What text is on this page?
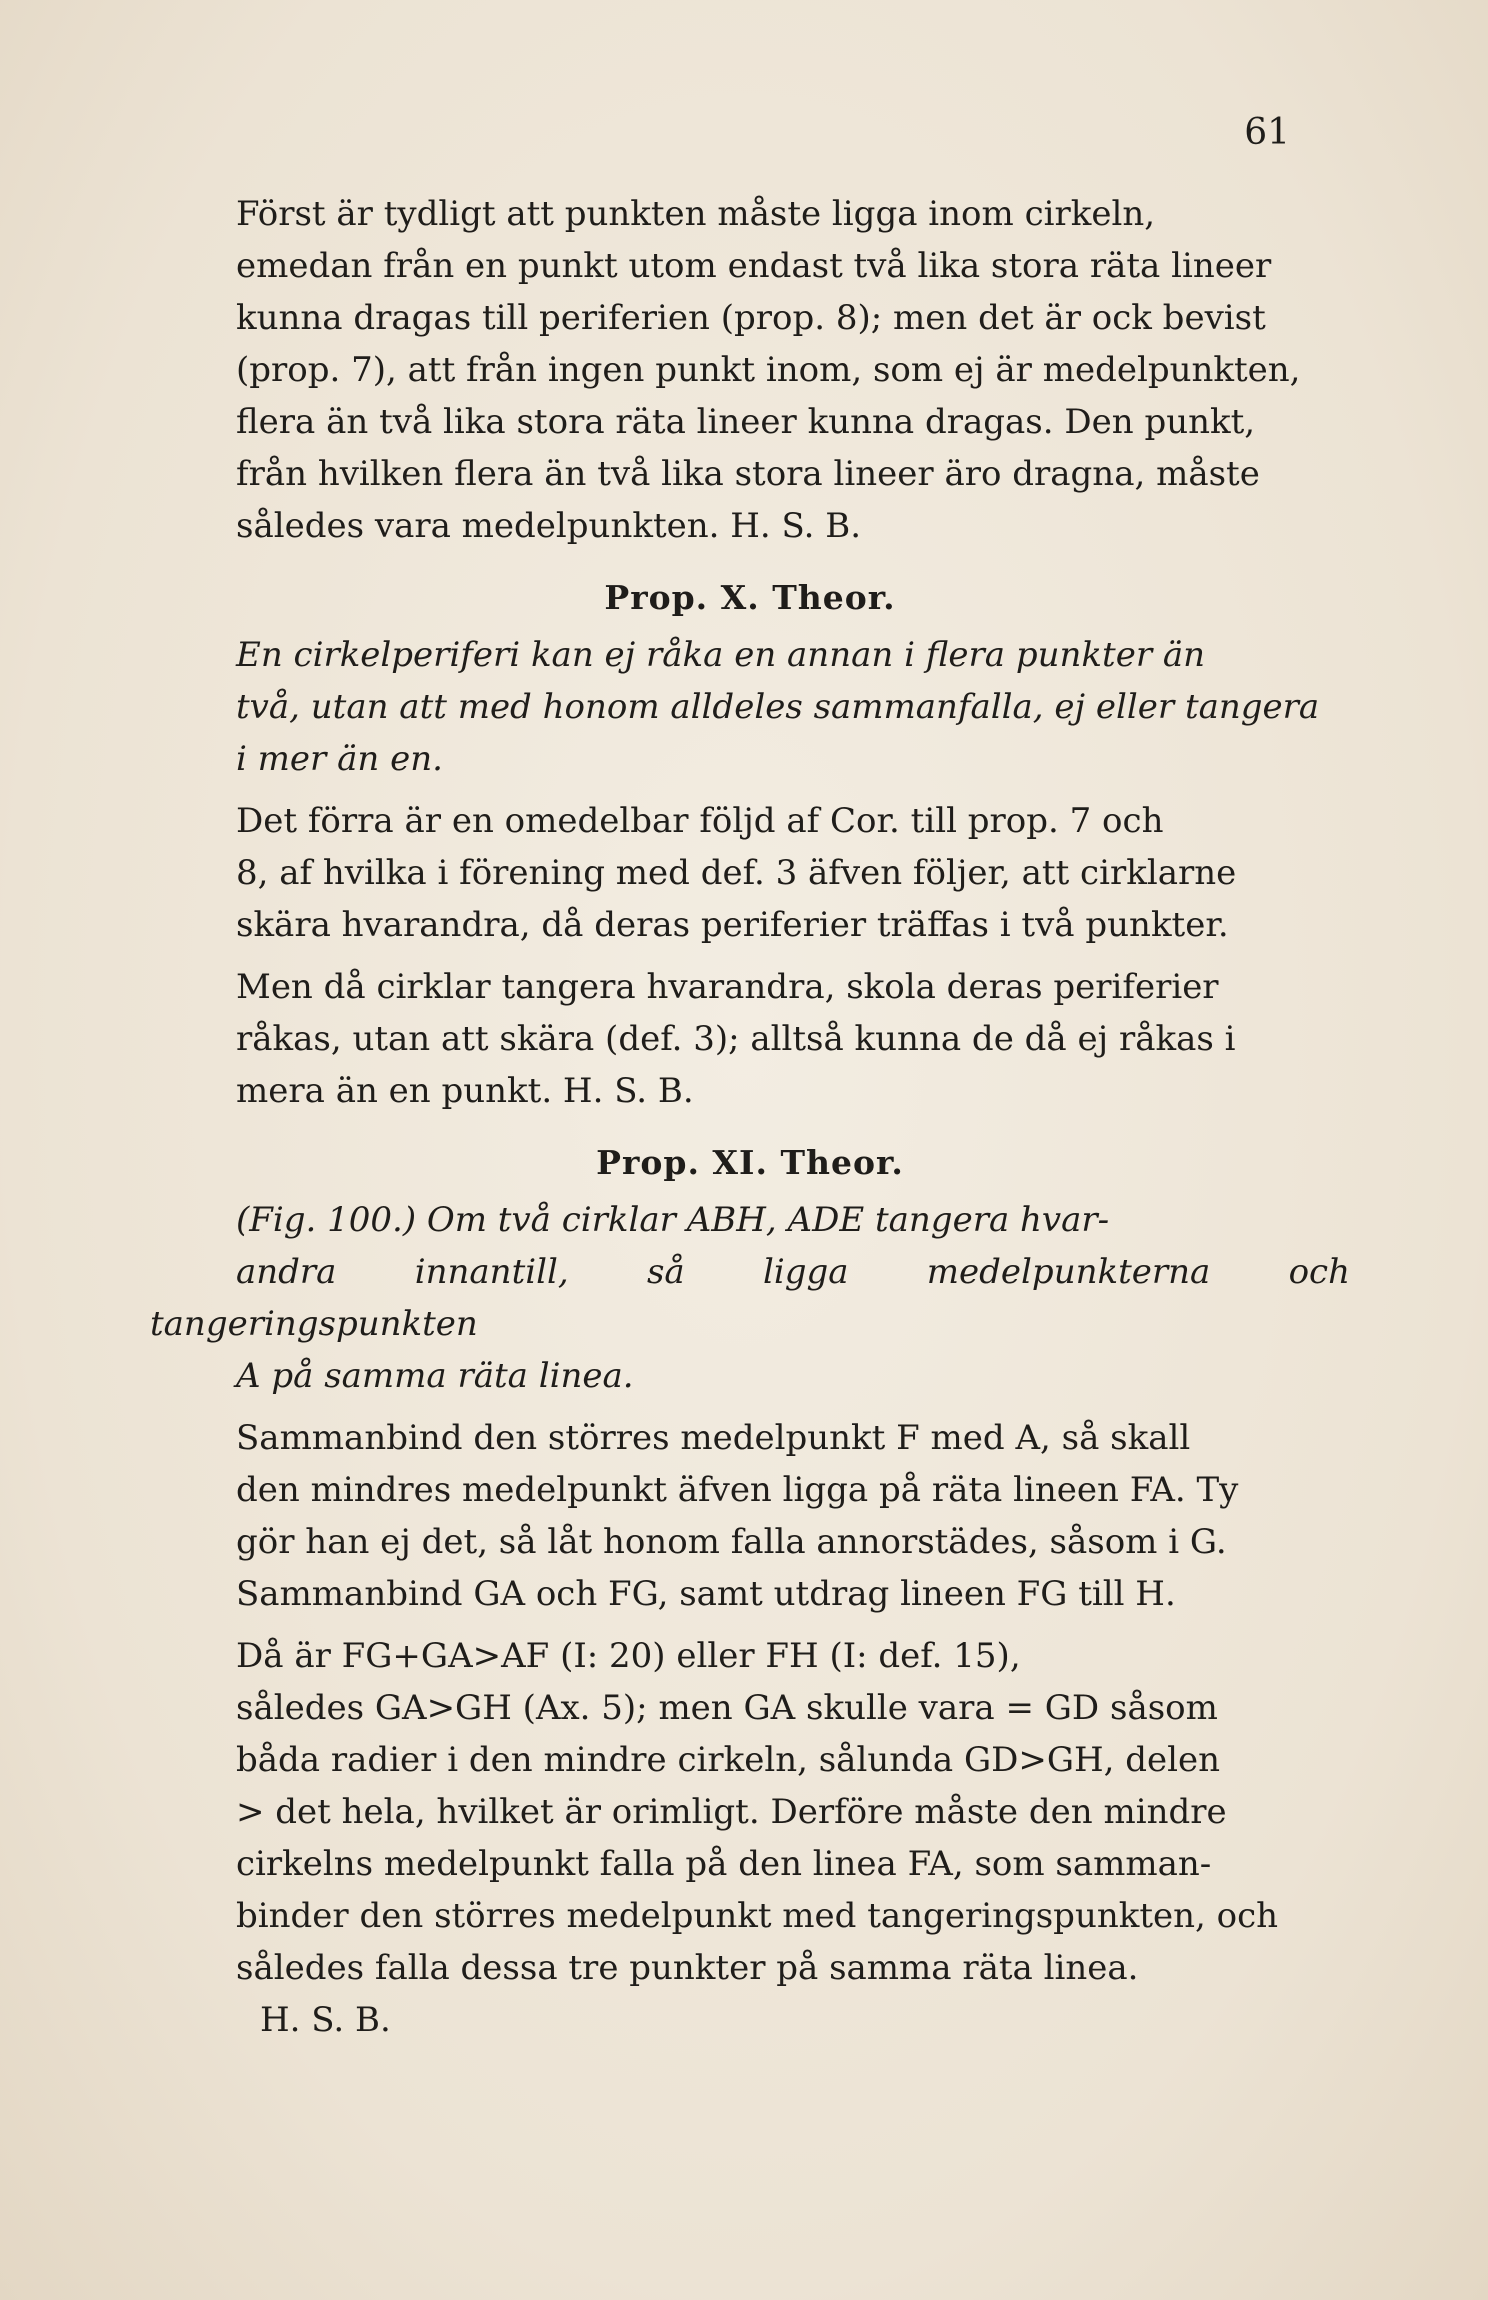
61

Först är tydligt att punkten måste ligga inom cirkeln,
emedan från en punkt utom endast två lika stora räta lineer
kunna dragas till periferien (prop. 8); men det är ock bevist
(prop. 7), att från ingen punkt inom, som ej är medelpunkten,
flera än två lika stora räta lineer kunna dragas. Den punkt,
från hvilken flera än två lika stora lineer äro dragna, måste
således vara medelpunkten. H. S. B.

Prop. X. Theor.

En cirkelperiferi kan ej råka en annan i flera punkter än
två, utan att med honom alldeles sammanfalla, ej eller tangera
i mer än en.

Det förra är en omedelbar följd af Cor. till prop. 7 och
8, af hvilka i förening med def. 3 äfven följer, att cirklarne
skära hvarandra, då deras periferier träffas i två punkter.

Men då cirklar tangera hvarandra, skola deras periferier
råkas, utan att skära (def. 3); alltså kunna de då ej råkas i
mera än en punkt. H. S. B.

Prop. XI. Theor.

(Fig. 100.) Om två cirklar ABH, ADE tangera hvar-
andra innantill, så ligga medelpunkterna och tangeringspunkten
A på samma räta linea.

Sammanbind den störres medelpunkt F med A, så skall
den mindres medelpunkt äfven ligga på räta lineen FA. Ty
gör han ej det, så låt honom falla annorstädes, såsom i G.
Sammanbind GA och FG, samt utdrag lineen FG till H.

Då är FG+GA>AF (I: 20) eller FH (I: def. 15),
således GA>GH (Ax. 5); men GA skulle vara = GD såsom
båda radier i den mindre cirkeln, sålunda GD>GH, delen
> det hela, hvilket är orimligt. Derföre måste den mindre
cirkelns medelpunkt falla på den linea FA, som samman-
binder den störres medelpunkt med tangeringspunkten, och
således falla dessa tre punkter på samma räta linea.

H. S. B.
